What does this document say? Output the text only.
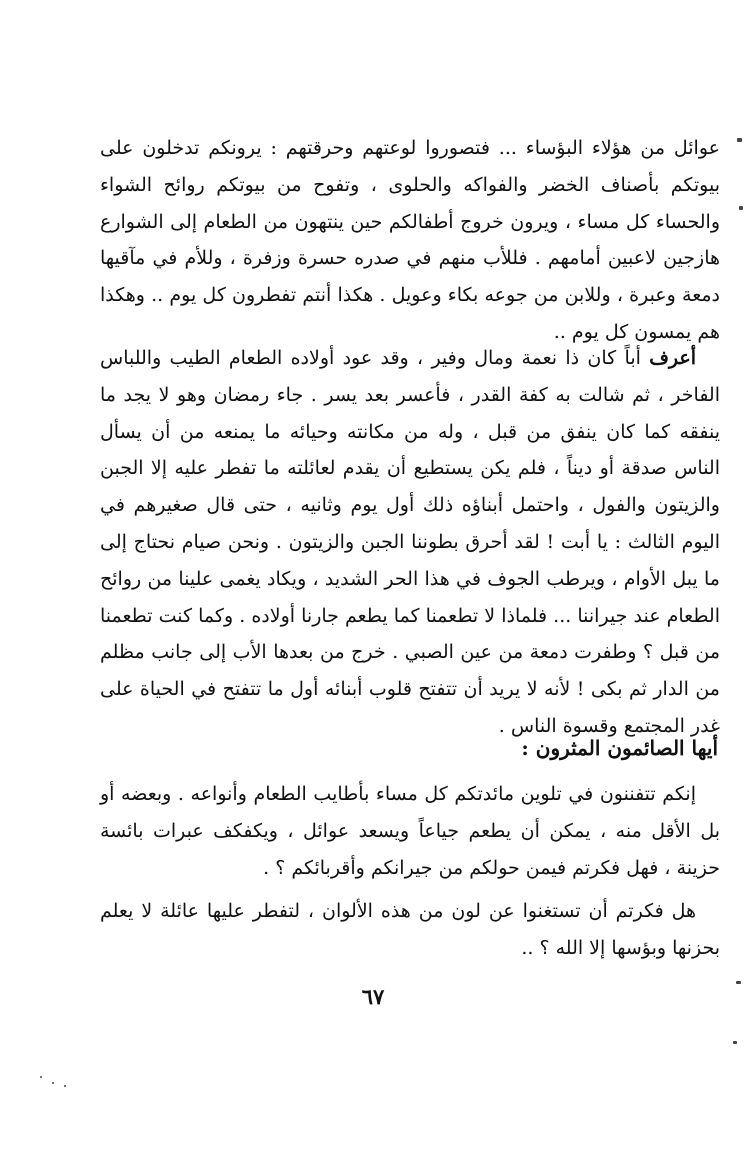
عوائل من هؤلاء البؤساء ... فتصوروا لوعتهم وحرقتهم : يرونكم تدخلون على بيوتكم بأصناف الخضر والفواكه والحلوى ، وتفوح من بيوتكم روائح الشواء والحساء كل مساء ، ويرون خروج أطفالكم حين ينتهون من الطعام إلى الشوارع هازجين لاعبين أمامهم . فللأب منهم في صدره حسرة وزفرة ، وللأم في مآقيها دمعة وعبرة ، وللابن من جوعه بكاء وعويل . هكذا أنتم تفطرون كل يوم .. وهكذا هم يمسون كل يوم ..

أعرف أباً كان ذا نعمة ومال وفير ، وقد عود أولاده الطعام الطيب واللباس الفاخر ، ثم شالت به كفة القدر ، فأعسر بعد يسر . جاء رمضان وهو لا يجد ما ينفقه كما كان ينفق من قبل ، وله من مكانته وحيائه ما يمنعه من أن يسأل الناس صدقة أو ديناً ، فلم يكن يستطيع أن يقدم لعائلته ما تفطر عليه إلا الجبن والزيتون والفول ، واحتمل أبناؤه ذلك أول يوم وثانيه ، حتى قال صغيرهم في اليوم الثالث : يا أبت ! لقد أحرق بطوننا الجبن والزيتون . ونحن صيام نحتاج إلى ما يبل الأوام ، ويرطب الجوف في هذا الحر الشديد ، ويكاد يغمى علينا من روائح الطعام عند جيراننا ... فلماذا لا تطعمنا كما يطعم جارنا أولاده . وكما كنت تطعمنا من قبل ؟ وطفرت دمعة من عين الصبي . خرج من بعدها الأب إلى جانب مظلم من الدار ثم بكى ! لأنه لا يريد أن تتفتح قلوب أبنائه أول ما تتفتح في الحياة على غدر المجتمع وقسوة الناس .

أيها الصائمون المثرون :

إنكم تتفننون في تلوين مائدتكم كل مساء بأطايب الطعام وأنواعه . وبعضه أو بل الأقل منه ، يمكن أن يطعم جياعاً ويسعد عوائل ، ويكفكف عبرات بائسة حزينة ، فهل فكرتم فيمن حولكم من جيرانكم وأقربائكم ؟ .

هل فكرتم أن تستغنوا عن لون من هذه الألوان ، لتفطر عليها عائلة لا يعلم بحزنها وبؤسها إلا الله ؟ ..

٦٧
